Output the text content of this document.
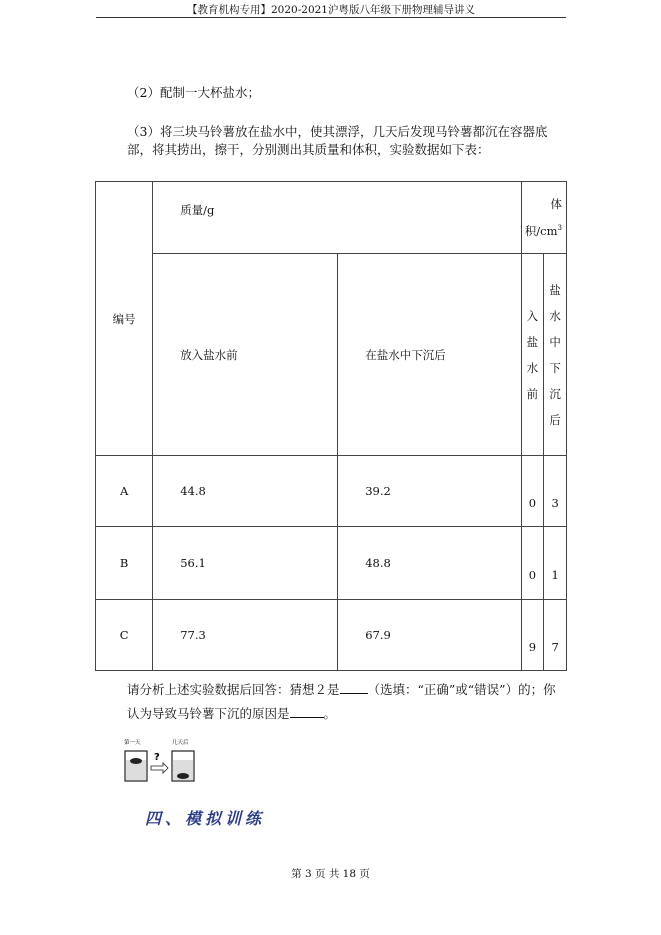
【教育机构专用】2020-2021沪粤版八年级下册物理辅导讲义
（2）配制一大杯盐水；
（3）将三块马铃薯放在盐水中，使其漂浮，几天后发现马铃薯都沉在容器底部，将其捞出，擦干，分别测出其质量和体积，实验数据如下表：
编号	质量/g		体
积$/cm^3$
	放入盐水前	在盐水中下沉后	入盐水前	盐水中下沉后
A	44.8	39.2	0	3
B	56.1	48.8	0	1
C	77.3	67.9	9	7
请分析上述实验数据后回答：猜想２是 （选填：“正确”或“错误”）的；你认为导致马铃薯下沉的原因是	。
第一天	几天后
?
四、模拟训练
第 3 页 共 18 页
